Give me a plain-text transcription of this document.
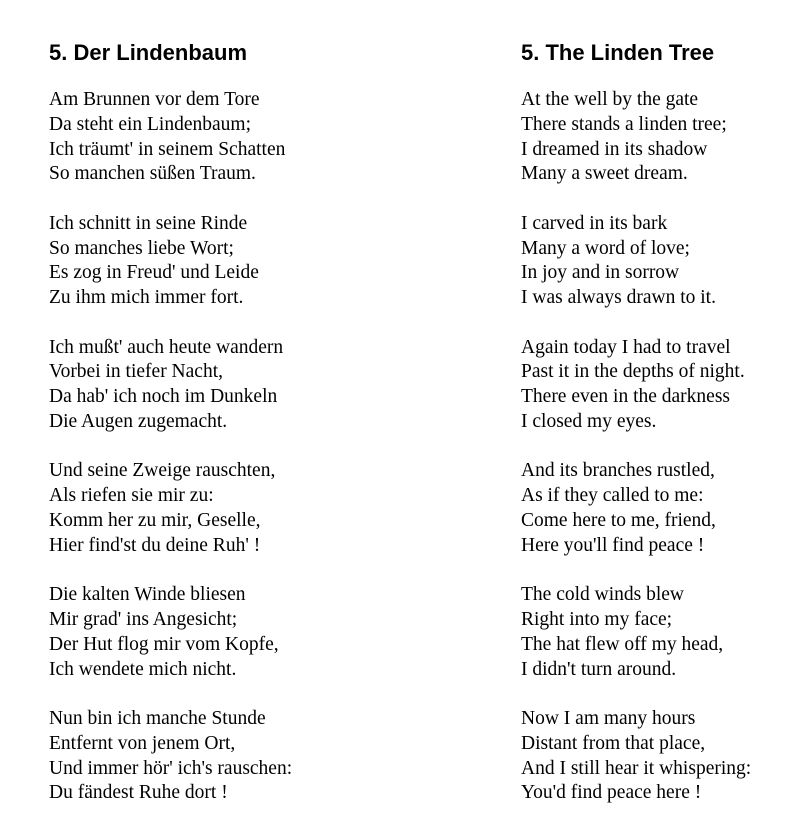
5. Der Lindenbaum
Am Brunnen vor dem Tore
Da steht ein Lindenbaum;
Ich träumt' in seinem Schatten
So manchen süßen Traum.
Ich schnitt in seine Rinde
So manches liebe Wort;
Es zog in Freud' und Leide
Zu ihm mich immer fort.
Ich mußt' auch heute wandern
Vorbei in tiefer Nacht,
Da hab' ich noch im Dunkeln
Die Augen zugemacht.
Und seine Zweige rauschten,
Als riefen sie mir zu:
Komm her zu mir, Geselle,
Hier find'st du deine Ruh' !
Die kalten Winde bliesen
Mir grad' ins Angesicht;
Der Hut flog mir vom Kopfe,
Ich wendete mich nicht.
Nun bin ich manche Stunde
Entfernt von jenem Ort,
Und immer hör' ich's rauschen:
Du fändest Ruhe dort !
5. The Linden Tree
At the well by the gate
There stands a linden tree;
I dreamed in its shadow
Many a sweet dream.
I carved in its bark
Many a word of love;
In joy and in sorrow
I was always drawn to it.
Again today I had to travel
Past it in the depths of night.
There even in the darkness
I closed my eyes.
And its branches rustled,
As if they called to me:
Come here to me, friend,
Here you'll find peace !
The cold winds blew
Right into my face;
The hat flew off my head,
I didn't turn around.
Now I am many hours
Distant from that place,
And I still hear it whispering:
You'd find peace here !
